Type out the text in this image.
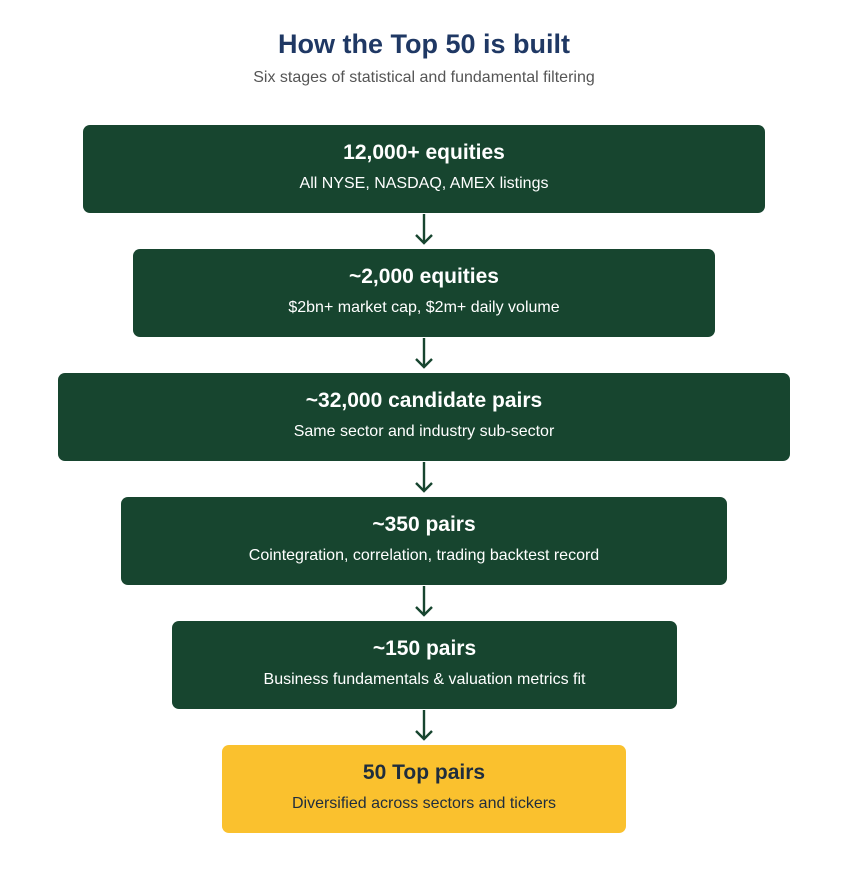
How the Top 50 is built
Six stages of statistical and fundamental filtering
12,000+ equities
All NYSE, NASDAQ, AMEX listings
~2,000 equities
$2bn+ market cap, $2m+ daily volume
~32,000 candidate pairs
Same sector and industry sub-sector
~350 pairs
Cointegration, correlation, trading backtest record
~150 pairs
Business fundamentals & valuation metrics fit
50 Top pairs
Diversified across sectors and tickers
